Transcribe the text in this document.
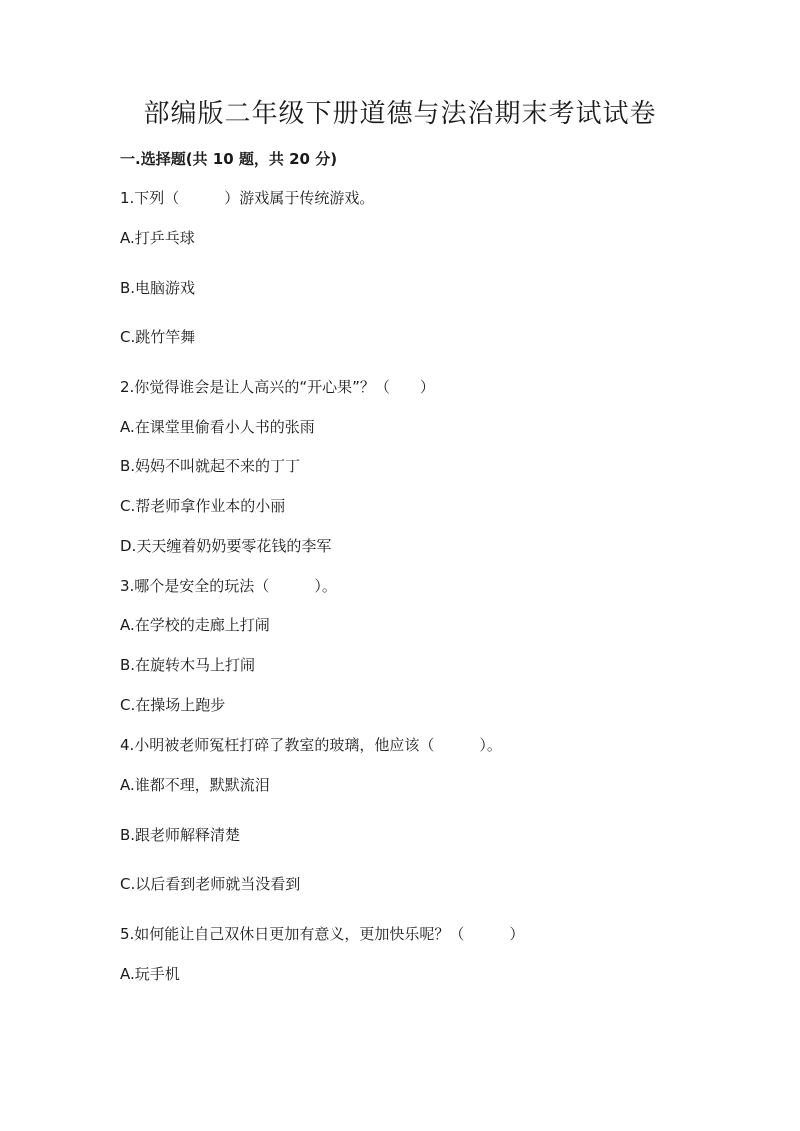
部编版二年级下册道德与法治期末考试试卷
一.选择题(共 10 题，共 20 分)
1.下列（　　　）游戏属于传统游戏。
A.打乒乓球
B.电脑游戏
C.跳竹竿舞
2.你觉得谁会是让人高兴的“开心果”？（　　）
A.在课堂里偷看小人书的张雨
B.妈妈不叫就起不来的丁丁
C.帮老师拿作业本的小丽
D.天天缠着奶奶要零花钱的李军
3.哪个是安全的玩法（　　　）。
A.在学校的走廊上打闹
B.在旋转木马上打闹
C.在操场上跑步
4.小明被老师冤枉打碎了教室的玻璃，他应该（　　　）。
A.谁都不理，默默流泪
B.跟老师解释清楚
C.以后看到老师就当没看到
5.如何能让自己双休日更加有意义，更加快乐呢？（　　　）
A.玩手机
